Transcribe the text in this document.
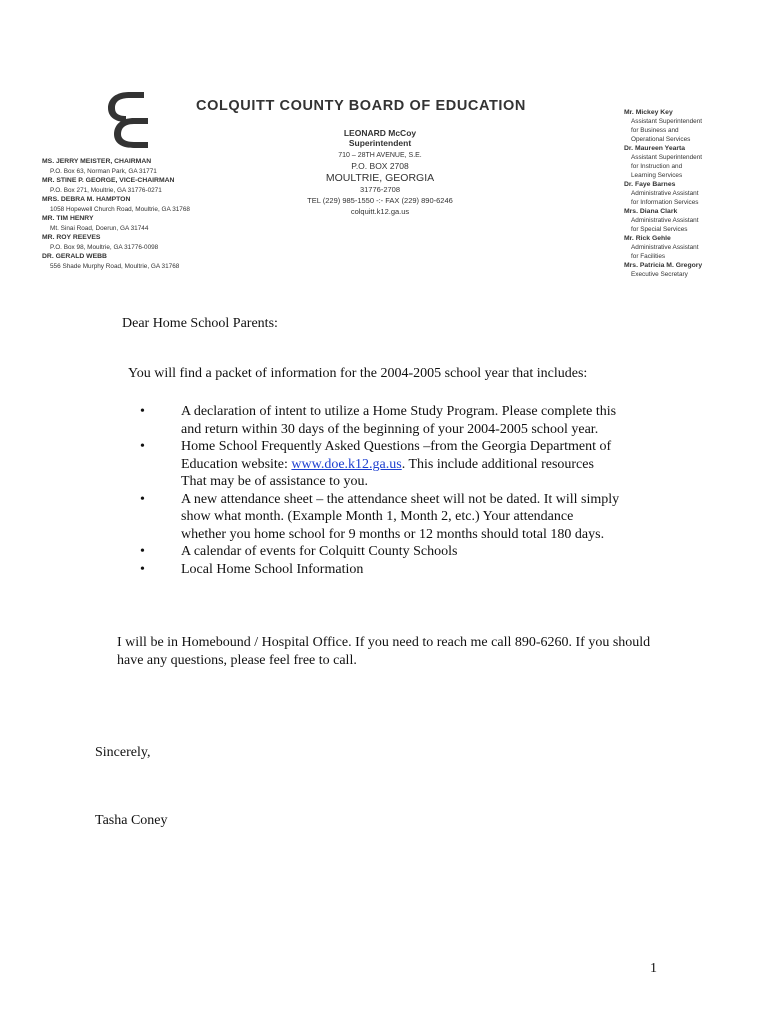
COLQUITT COUNTY BOARD OF EDUCATION
LEONARD McCoy
Superintendent
710 – 28TH AVENUE, S.E.
P.O. BOX 2708
MOULTRIE, GEORGIA
31776-2708
TEL (229) 985-1550 -:- FAX (229) 890-6246
colquitt.k12.ga.us
MS. JERRY MEISTER, CHAIRMAN
P.O. Box 63, Norman Park, GA 31771
MR. STINE P. GEORGE, VICE-CHAIRMAN
P.O. Box 271, Moultrie, GA 31776-0271
MRS. DEBRA M. HAMPTON
1058 Hopewell Church Road, Moultrie, GA 31768
MR. TIM HENRY
Mt. Sinai Road, Doerun, GA 31744
MR. ROY REEVES
P.O. Box 98, Moultrie, GA 31776-0098
DR. GERALD WEBB
556 Shade Murphy Road, Moultrie, GA 31768
Mr. Mickey Key
Assistant Superintendent
for Business and
Operational Services
Dr. Maureen Yearta
Assistant Superintendent
for Instruction and
Learning Services
Dr. Faye Barnes
Administrative Assistant
for Information Services
Mrs. Diana Clark
Administrative Assistant
for Special Services
Mr. Rick Gehle
Administrative Assistant
for Facilities
Mrs. Patricia M. Gregory
Executive Secretary
Dear Home School Parents:
You will find a packet of information for the 2004-2005 school year that includes:
•	A declaration of intent to utilize a Home Study Program. Please complete this
and return within 30 days of the beginning of your 2004-2005 school year.
•	Home School Frequently Asked Questions –from the Georgia Department of
Education website: www.doe.k12.ga.us. This include additional resources
That may be of assistance to you.
•	A new attendance sheet – the attendance sheet will not be dated. It will simply
show what month. (Example Month 1, Month 2, etc.) Your attendance
whether you home school for 9 months or 12 months should total 180 days.
•	A calendar of events for Colquitt County Schools
•	Local Home School Information
I will be in Homebound / Hospital Office. If you need to reach me call 890-6260. If you should have any questions, please feel free to call.
Sincerely,
Tasha Coney
1
